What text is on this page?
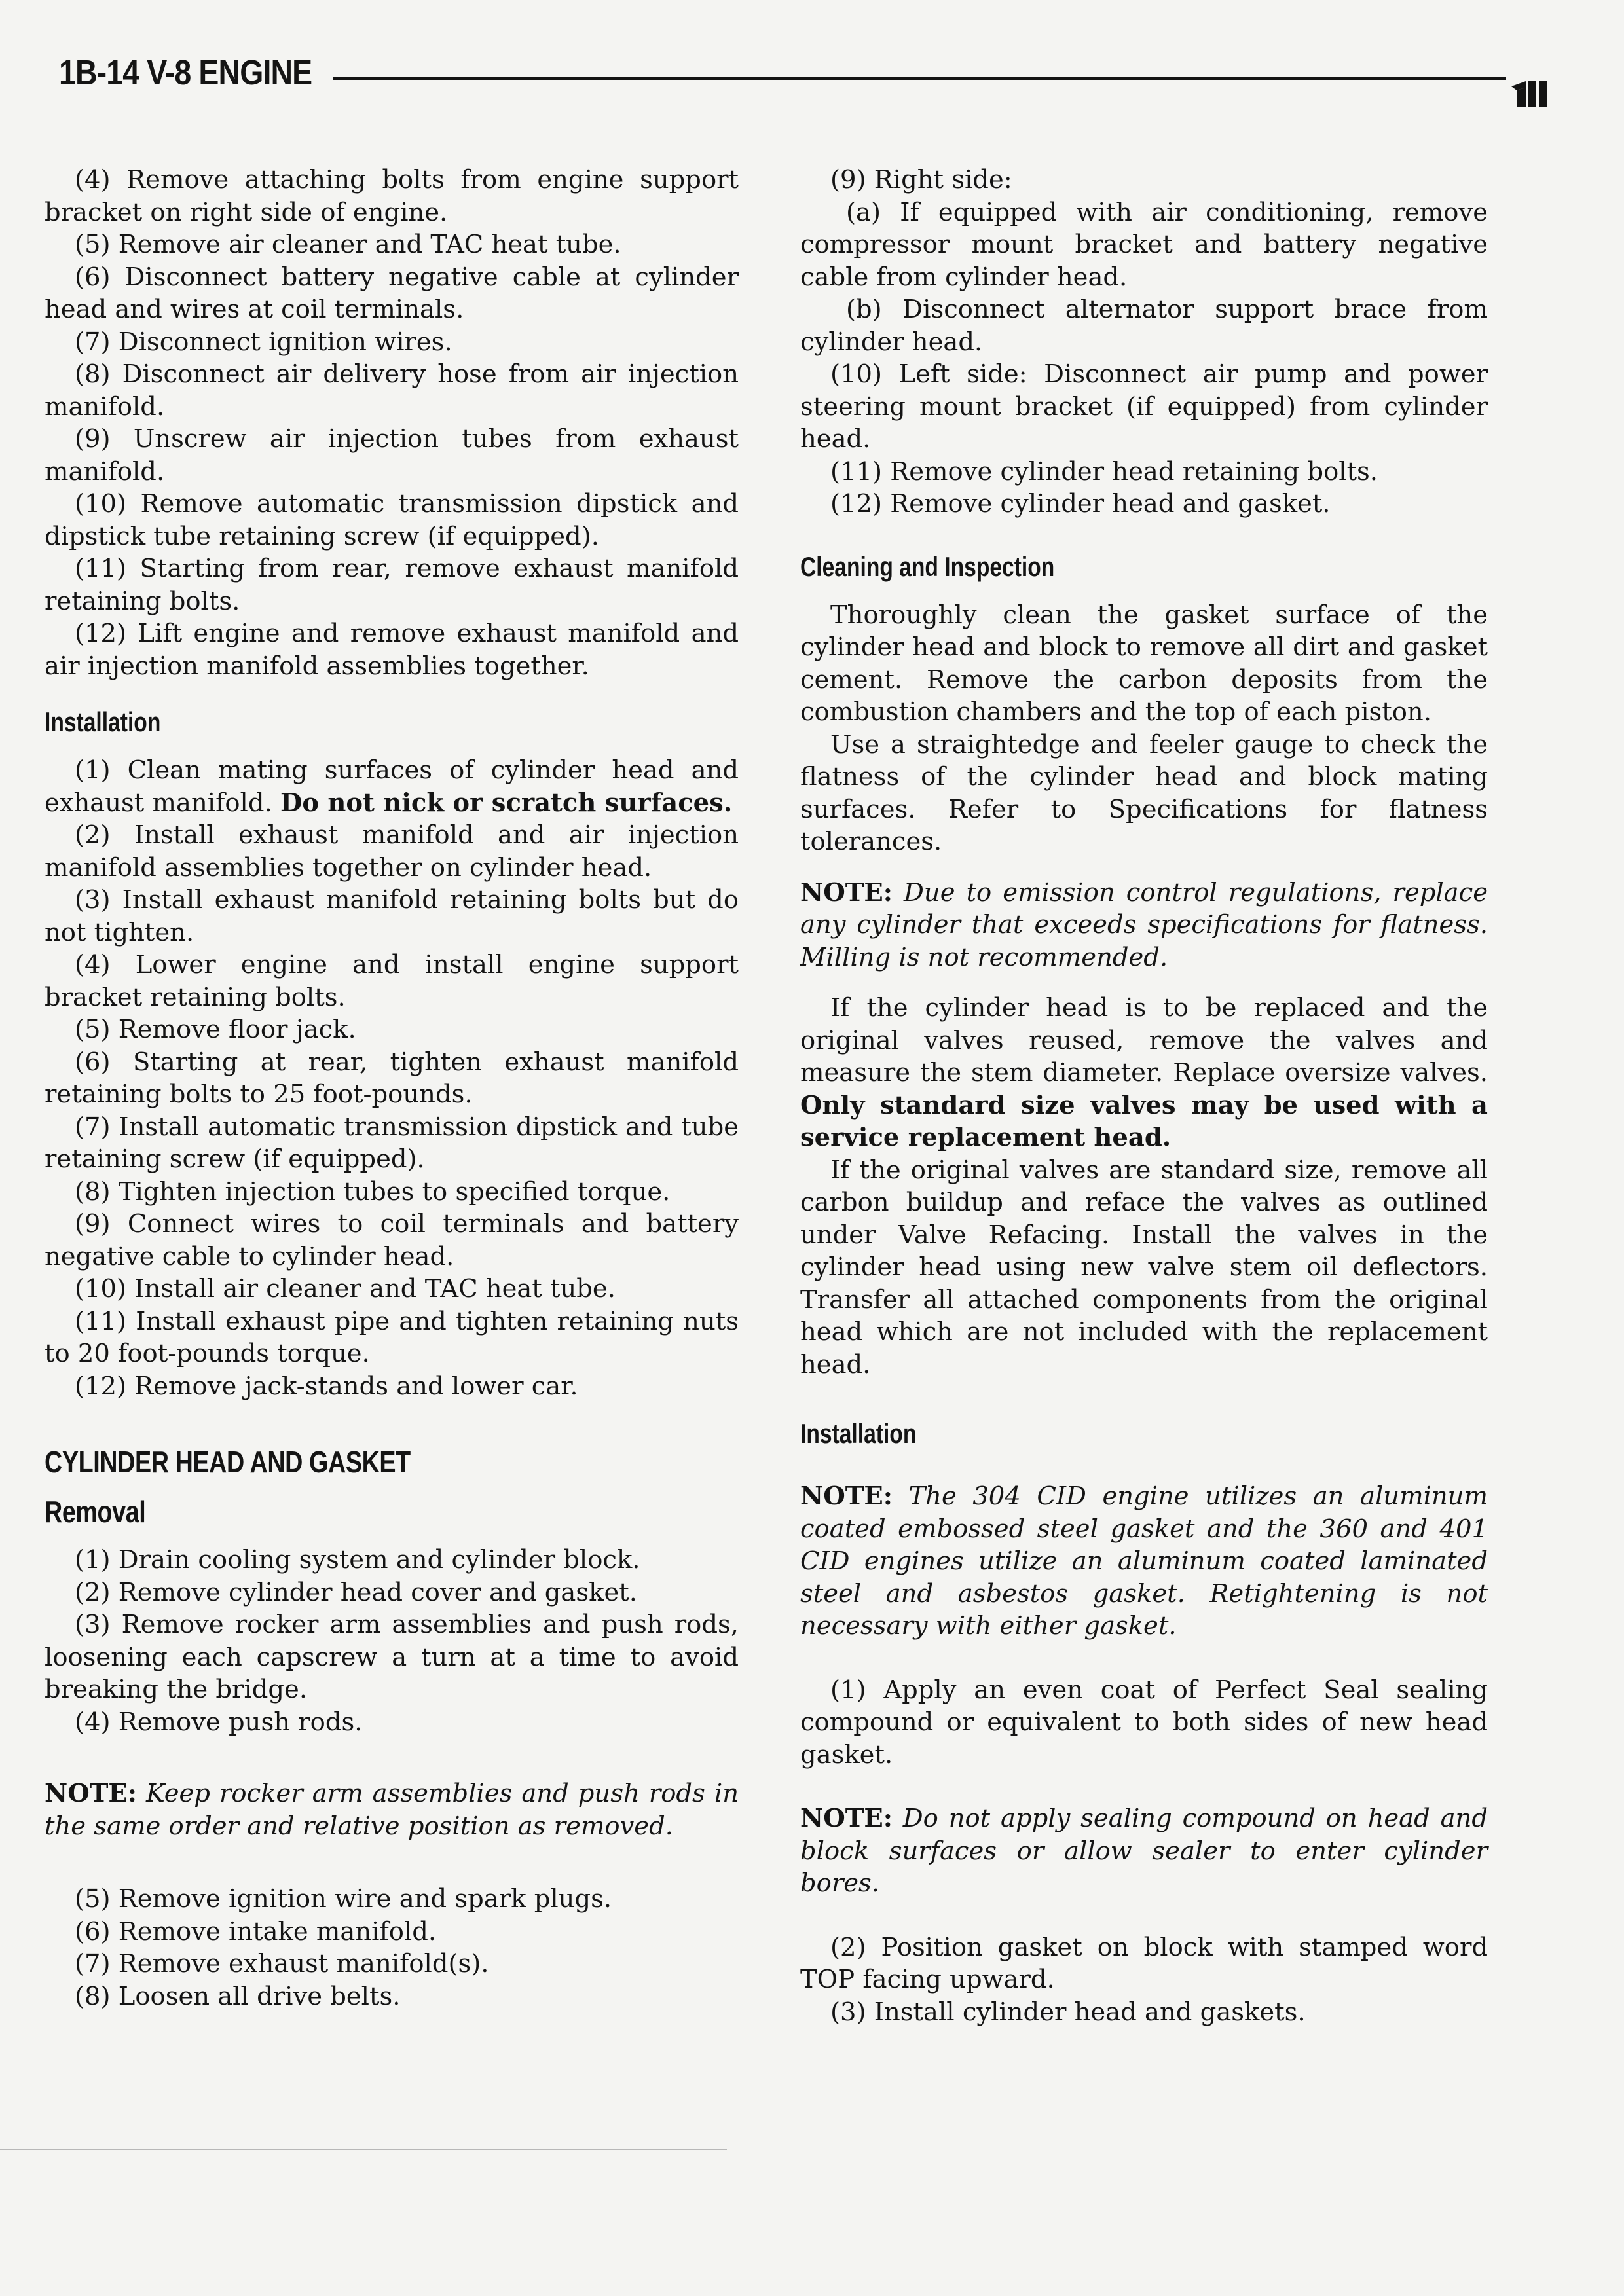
1B-14 V-8 ENGINE

(4) Remove attaching bolts from engine support bracket on right side of engine.

(5) Remove air cleaner and TAC heat tube.

(6) Disconnect battery negative cable at cylinder head and wires at coil terminals.

(7) Disconnect ignition wires.

(8) Disconnect air delivery hose from air injection manifold.

(9) Unscrew air injection tubes from exhaust manifold.

(10) Remove automatic transmission dipstick and dipstick tube retaining screw (if equipped).

(11) Starting from rear, remove exhaust manifold retaining bolts.

(12) Lift engine and remove exhaust manifold and air injection manifold assemblies together.

Installation

(1) Clean mating surfaces of cylinder head and exhaust manifold. Do not nick or scratch surfaces.

(2) Install exhaust manifold and air injection manifold assemblies together on cylinder head.

(3) Install exhaust manifold retaining bolts but do not tighten.

(4) Lower engine and install engine support bracket retaining bolts.

(5) Remove floor jack.

(6) Starting at rear, tighten exhaust manifold retaining bolts to 25 foot-pounds.

(7) Install automatic transmission dipstick and tube retaining screw (if equipped).

(8) Tighten injection tubes to specified torque.

(9) Connect wires to coil terminals and battery negative cable to cylinder head.

(10) Install air cleaner and TAC heat tube.

(11) Install exhaust pipe and tighten retaining nuts to 20 foot-pounds torque.

(12) Remove jack-stands and lower car.

CYLINDER HEAD AND GASKET
Removal

(1) Drain cooling system and cylinder block.

(2) Remove cylinder head cover and gasket.

(3) Remove rocker arm assemblies and push rods, loosening each capscrew a turn at a time to avoid breaking the bridge.

(4) Remove push rods.

NOTE: Keep rocker arm assemblies and push rods in the same order and relative position as removed.

(5) Remove ignition wire and spark plugs.

(6) Remove intake manifold.

(7) Remove exhaust manifold(s).

(8) Loosen all drive belts.

(9) Right side:

(a) If equipped with air conditioning, remove compressor mount bracket and battery negative cable from cylinder head.

(b) Disconnect alternator support brace from cylinder head.

(10) Left side: Disconnect air pump and power steering mount bracket (if equipped) from cylinder head.

(11) Remove cylinder head retaining bolts.

(12) Remove cylinder head and gasket.

Cleaning and Inspection

Thoroughly clean the gasket surface of the cylinder head and block to remove all dirt and gasket cement. Remove the carbon deposits from the combustion chambers and the top of each piston.

Use a straightedge and feeler gauge to check the flatness of the cylinder head and block mating surfaces. Refer to Specifications for flatness tolerances.

NOTE: Due to emission control regulations, replace any cylinder that exceeds specifications for flatness. Milling is not recommended.

If the cylinder head is to be replaced and the original valves reused, remove the valves and measure the stem diameter. Replace oversize valves. Only standard size valves may be used with a service replacement head.

If the original valves are standard size, remove all carbon buildup and reface the valves as outlined under Valve Refacing. Install the valves in the cylinder head using new valve stem oil deflectors. Transfer all attached components from the original head which are not included with the replacement head.

Installation

NOTE: The 304 CID engine utilizes an aluminum coated embossed steel gasket and the 360 and 401 CID engines utilize an aluminum coated laminated steel and asbestos gasket. Retightening is not necessary with either gasket.

(1) Apply an even coat of Perfect Seal sealing compound or equivalent to both sides of new head gasket.

NOTE: Do not apply sealing compound on head and block surfaces or allow sealer to enter cylinder bores.

(2) Position gasket on block with stamped word TOP facing upward.

(3) Install cylinder head and gaskets.
